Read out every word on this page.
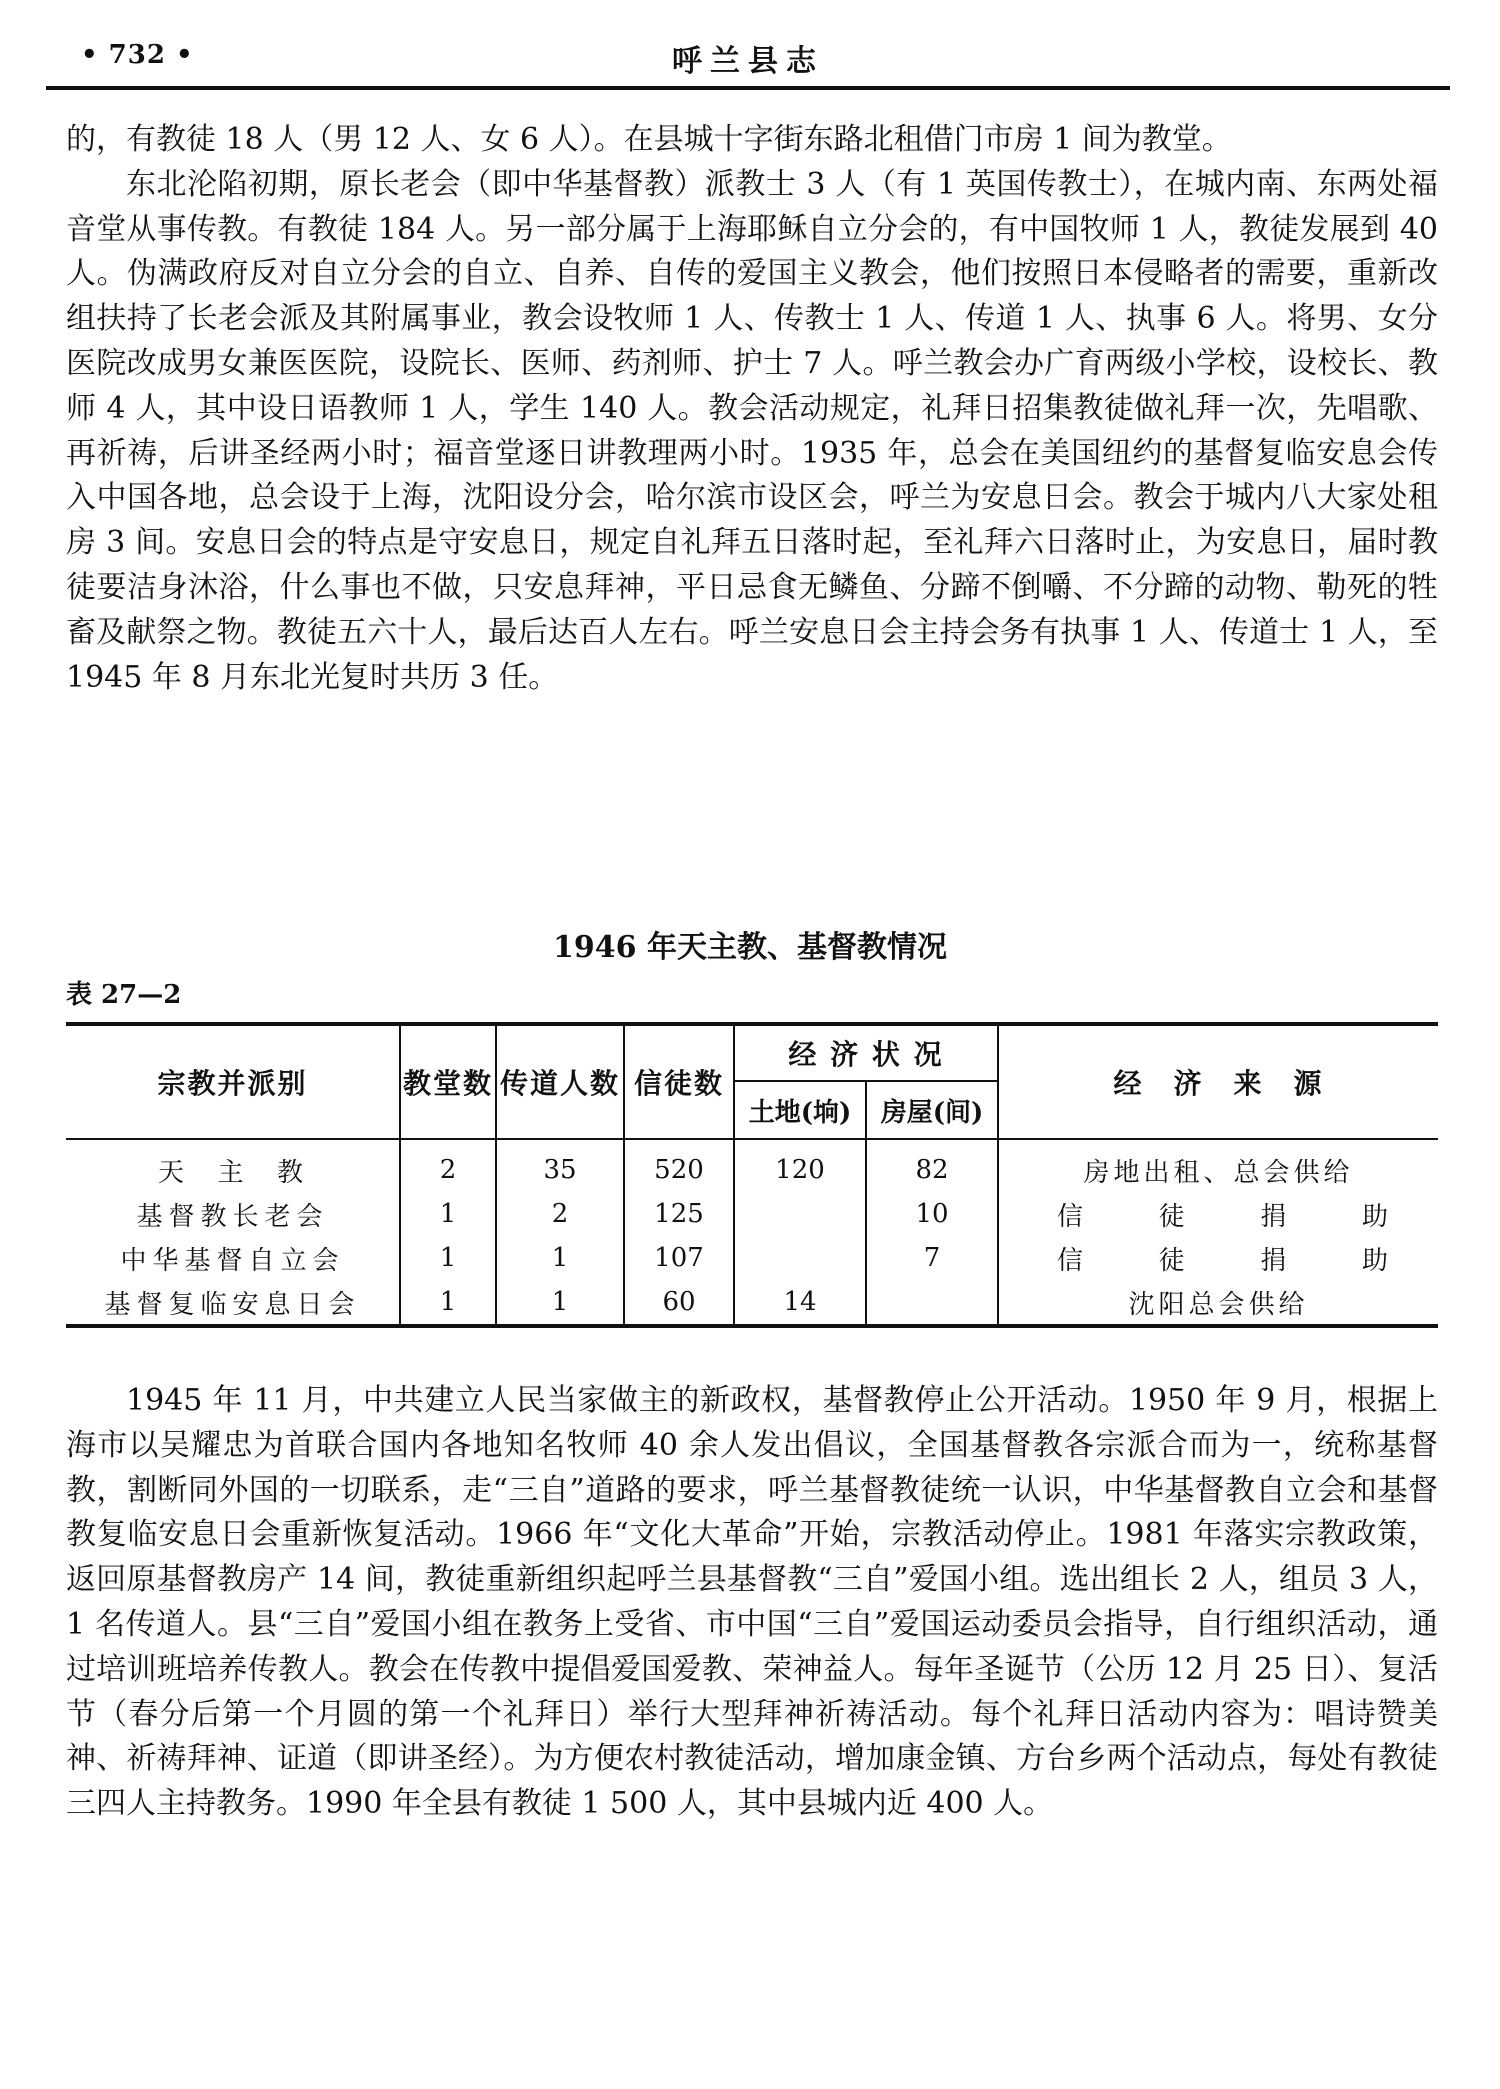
• 732 •	呼兰县志

的，有教徒 18 人（男 12 人、女 6 人）。在县城十字街东路北租借门市房 1 间为教堂。

东北沦陷初期，原长老会（即中华基督教）派教士 3 人（有 1 英国传教士），在城内南、东两处福音堂从事传教。有教徒 184 人。另一部分属于上海耶稣自立分会的，有中国牧师 1 人，教徒发展到 40 人。伪满政府反对自立分会的自立、自养、自传的爱国主义教会，他们按照日本侵略者的需要，重新改组扶持了长老会派及其附属事业，教会设牧师 1 人、传教士 1 人、传道 1 人、执事 6 人。将男、女分医院改成男女兼医医院，设院长、医师、药剂师、护士 7 人。呼兰教会办广育两级小学校，设校长、教师 4 人，其中设日语教师 1 人，学生 140 人。教会活动规定，礼拜日招集教徒做礼拜一次，先唱歌、再祈祷，后讲圣经两小时；福音堂逐日讲教理两小时。1935 年，总会在美国纽约的基督复临安息会传入中国各地，总会设于上海，沈阳设分会，哈尔滨市设区会，呼兰为安息日会。教会于城内八大家处租房 3 间。安息日会的特点是守安息日，规定自礼拜五日落时起，至礼拜六日落时止，为安息日，届时教徒要洁身沐浴，什么事也不做，只安息拜神，平日忌食无鳞鱼、分蹄不倒嚼、不分蹄的动物、勒死的牲畜及献祭之物。教徒五六十人，最后达百人左右。呼兰安息日会主持会务有执事 1 人、传道士 1 人，至 1945 年 8 月东北光复时共历 3 任。

1946 年天主教、基督教情况
表 27—2
宗教并派别	教堂数	传道人数	信徒数	经 济 状 况		经　济　来　源
				土地(垧)	房屋(间)	
天主教	2	35	520	120	82	房地出租、总会供给
基督教长老会	1	2	125		10	信徒捐助
中华基督自立会	1	1	107		7	信徒捐助
基督复临安息日会	1	1	60	14		沈阳总会供给

1945 年 11 月，中共建立人民当家做主的新政权，基督教停止公开活动。1950 年 9 月，根据上海市以吴耀忠为首联合国内各地知名牧师 40 余人发出倡议，全国基督教各宗派合而为一，统称基督教，割断同外国的一切联系，走“三自”道路的要求，呼兰基督教徒统一认识，中华基督教自立会和基督教复临安息日会重新恢复活动。1966 年“文化大革命”开始，宗教活动停止。1981 年落实宗教政策，返回原基督教房产 14 间，教徒重新组织起呼兰县基督教“三自”爱国小组。选出组长 2 人，组员 3 人，1 名传道人。县“三自”爱国小组在教务上受省、市中国“三自”爱国运动委员会指导，自行组织活动，通过培训班培养传教人。教会在传教中提倡爱国爱教、荣神益人。每年圣诞节（公历 12 月 25 日）、复活节（春分后第一个月圆的第一个礼拜日）举行大型拜神祈祷活动。每个礼拜日活动内容为：唱诗赞美神、祈祷拜神、证道（即讲圣经）。为方便农村教徒活动，增加康金镇、方台乡两个活动点，每处有教徒三四人主持教务。1990 年全县有教徒 1 500 人，其中县城内近 400 人。
